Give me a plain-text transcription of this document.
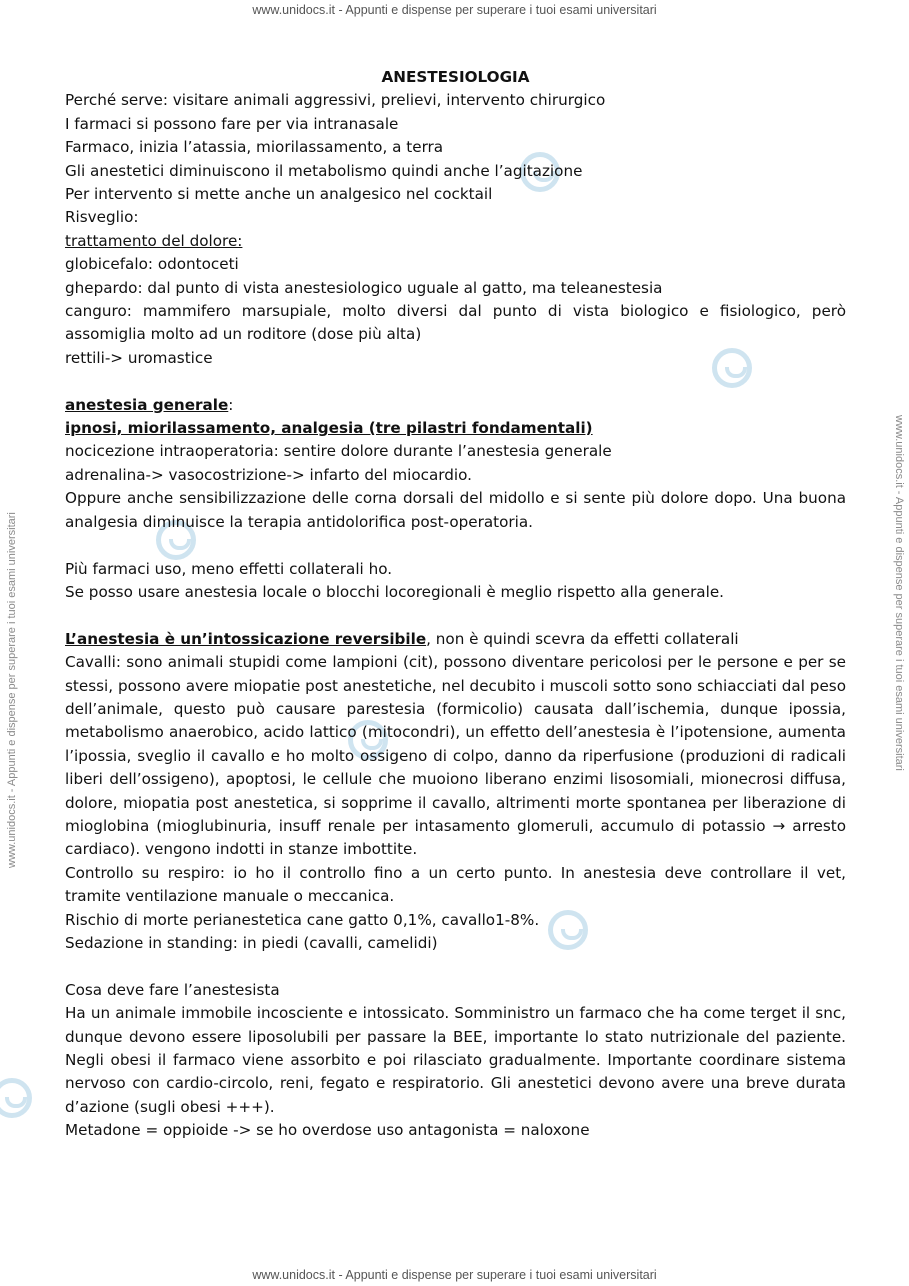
www.unidocs.it - Appunti e dispense per superare i tuoi esami universitari
www.unidocs.it - Appunti e dispense per superare i tuoi esami universitari
www.unidocs.it - Appunti e dispense per superare i tuoi esami universitari	www.unidocs.it - Appunti e dispense per superare i tuoi esami universitari

ANESTESIOLOGIA

Perché serve: visitare animali aggressivi, prelievi, intervento chirurgico

I farmaci si possono fare per via intranasale

Farmaco, inizia l’atassia, miorilassamento, a terra

Gli anestetici diminuiscono il metabolismo quindi anche l’agitazione

Per intervento si mette anche un analgesico nel cocktail

Risveglio:

trattamento del dolore:

globicefalo: odontoceti

ghepardo: dal punto di vista anestesiologico uguale al gatto, ma teleanestesia

canguro: mammifero marsupiale, molto diversi dal punto di vista biologico e fisiologico, però assomiglia molto ad un roditore (dose più alta)

rettili-> uromastice

anestesia generale:

ipnosi, miorilassamento, analgesia (tre pilastri fondamentali)

nocicezione intraoperatoria: sentire dolore durante l’anestesia generale

adrenalina-> vasocostrizione-> infarto del miocardio.

Oppure anche sensibilizzazione delle corna dorsali del midollo e si sente più dolore dopo. Una buona analgesia diminuisce la terapia antidolorifica post-operatoria.

Più farmaci uso, meno effetti collaterali ho.

Se posso usare anestesia locale o blocchi locoregionali è meglio rispetto alla generale.

L’anestesia è un’intossicazione reversibile, non è quindi scevra da effetti collaterali

Cavalli: sono animali stupidi come lampioni (cit), possono diventare pericolosi per le persone e per se stessi, possono avere miopatie post anestetiche, nel decubito i muscoli sotto sono schiacciati dal peso dell’animale, questo può causare parestesia (formicolio) causata dall’ischemia, dunque ipossia, metabolismo anaerobico, acido lattico (mitocondri), un effetto dell’anestesia è l’ipotensione, aumenta l’ipossia, sveglio il cavallo e ho molto ossigeno di colpo, danno da riperfusione (produzioni di radicali liberi dell’ossigeno), apoptosi, le cellule che muoiono liberano enzimi lisosomiali, mionecrosi diffusa, dolore, miopatia post anestetica, si sopprime il cavallo, altrimenti morte spontanea per liberazione di mioglobina (mioglubinuria, insuff renale per intasamento glomeruli, accumulo di potassio → arresto cardiaco). vengono indotti in stanze imbottite.

Controllo su respiro: io ho il controllo fino a un certo punto. In anestesia deve controllare il vet, tramite ventilazione manuale o meccanica.

Rischio di morte perianestetica cane gatto 0,1%, cavallo1-8%.

Sedazione in standing: in piedi (cavalli, camelidi)

Cosa deve fare l’anestesista

Ha un animale immobile incosciente e intossicato. Somministro un farmaco che ha come terget il snc, dunque devono essere liposolubili per passare la BEE, importante lo stato nutrizionale del paziente. Negli obesi il farmaco viene assorbito e poi rilasciato gradualmente. Importante coordinare sistema nervoso con cardio-circolo, reni, fegato e respiratorio. Gli anestetici devono avere una breve durata d’azione (sugli obesi +++).

Metadone = oppioide -> se ho overdose uso antagonista = naloxone
